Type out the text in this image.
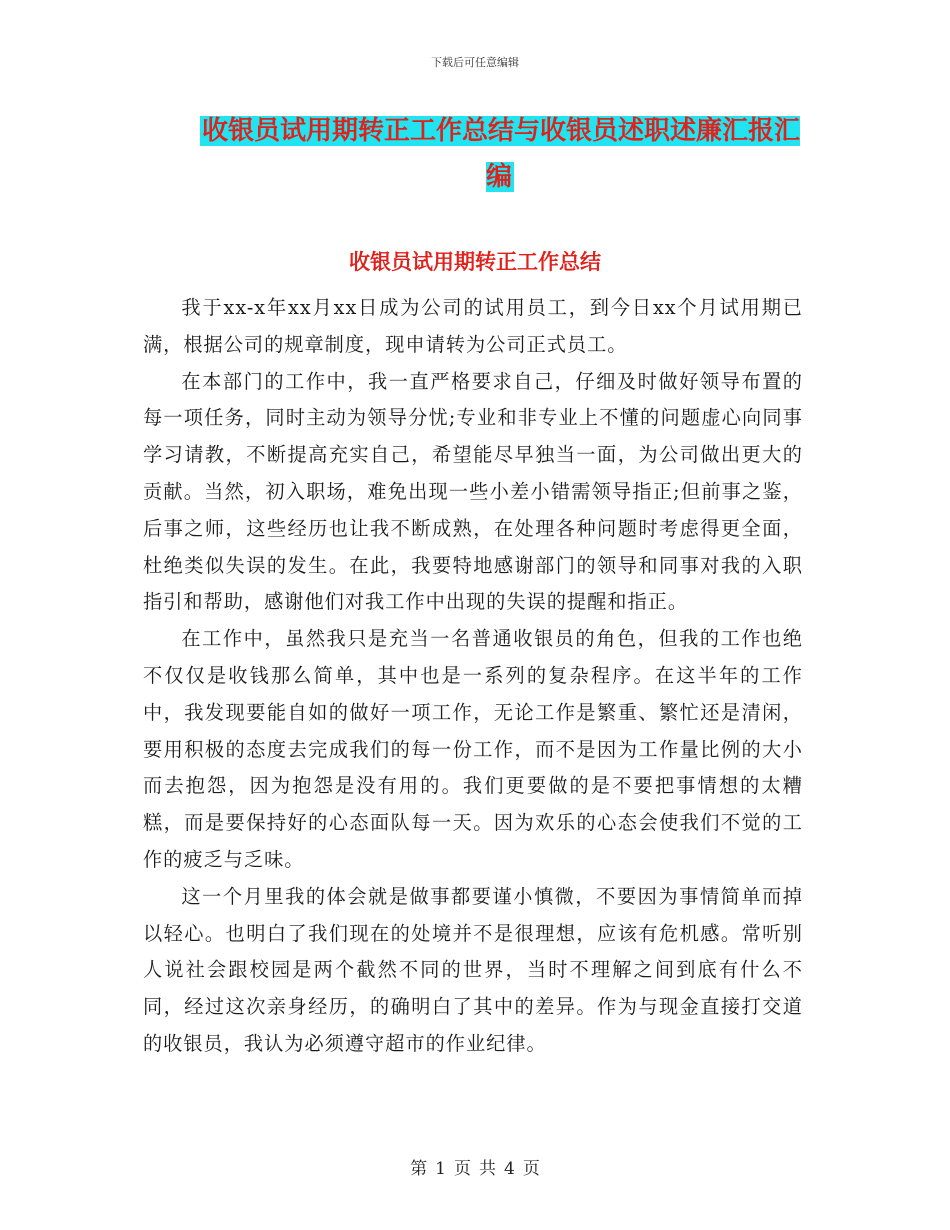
下载后可任意编辑
收银员试用期转正工作总结与收银员述职述廉汇报汇编
收银员试用期转正工作总结

我于xx-x年xx月xx日成为公司的试用员工，到今日xx个月试用期已满，根据公司的规章制度，现申请转为公司正式员工。

在本部门的工作中，我一直严格要求自己，仔细及时做好领导布置的每一项任务，同时主动为领导分忧;专业和非专业上不懂的问题虚心向同事学习请教，不断提高充实自己，希望能尽早独当一面，为公司做出更大的贡献。当然，初入职场，难免出现一些小差小错需领导指正;但前事之鉴，后事之师，这些经历也让我不断成熟，在处理各种问题时考虑得更全面，杜绝类似失误的发生。在此，我要特地感谢部门的领导和同事对我的入职指引和帮助，感谢他们对我工作中出现的失误的提醒和指正。

在工作中，虽然我只是充当一名普通收银员的角色，但我的工作也绝不仅仅是收钱那么简单，其中也是一系列的复杂程序。在这半年的工作中，我发现要能自如的做好一项工作，无论工作是繁重、繁忙还是清闲，要用积极的态度去完成我们的每一份工作，而不是因为工作量比例的大小而去抱怨，因为抱怨是没有用的。我们更要做的是不要把事情想的太糟糕，而是要保持好的心态面队每一天。因为欢乐的心态会使我们不觉的工作的疲乏与乏味。

这一个月里我的体会就是做事都要谨小慎微，不要因为事情简单而掉以轻心。也明白了我们现在的处境并不是很理想，应该有危机感。常听别人说社会跟校园是两个截然不同的世界，当时不理解之间到底有什么不同，经过这次亲身经历，的确明白了其中的差异。作为与现金直接打交道的收银员，我认为必须遵守超市的作业纪律。

第 1 页 共 4 页
